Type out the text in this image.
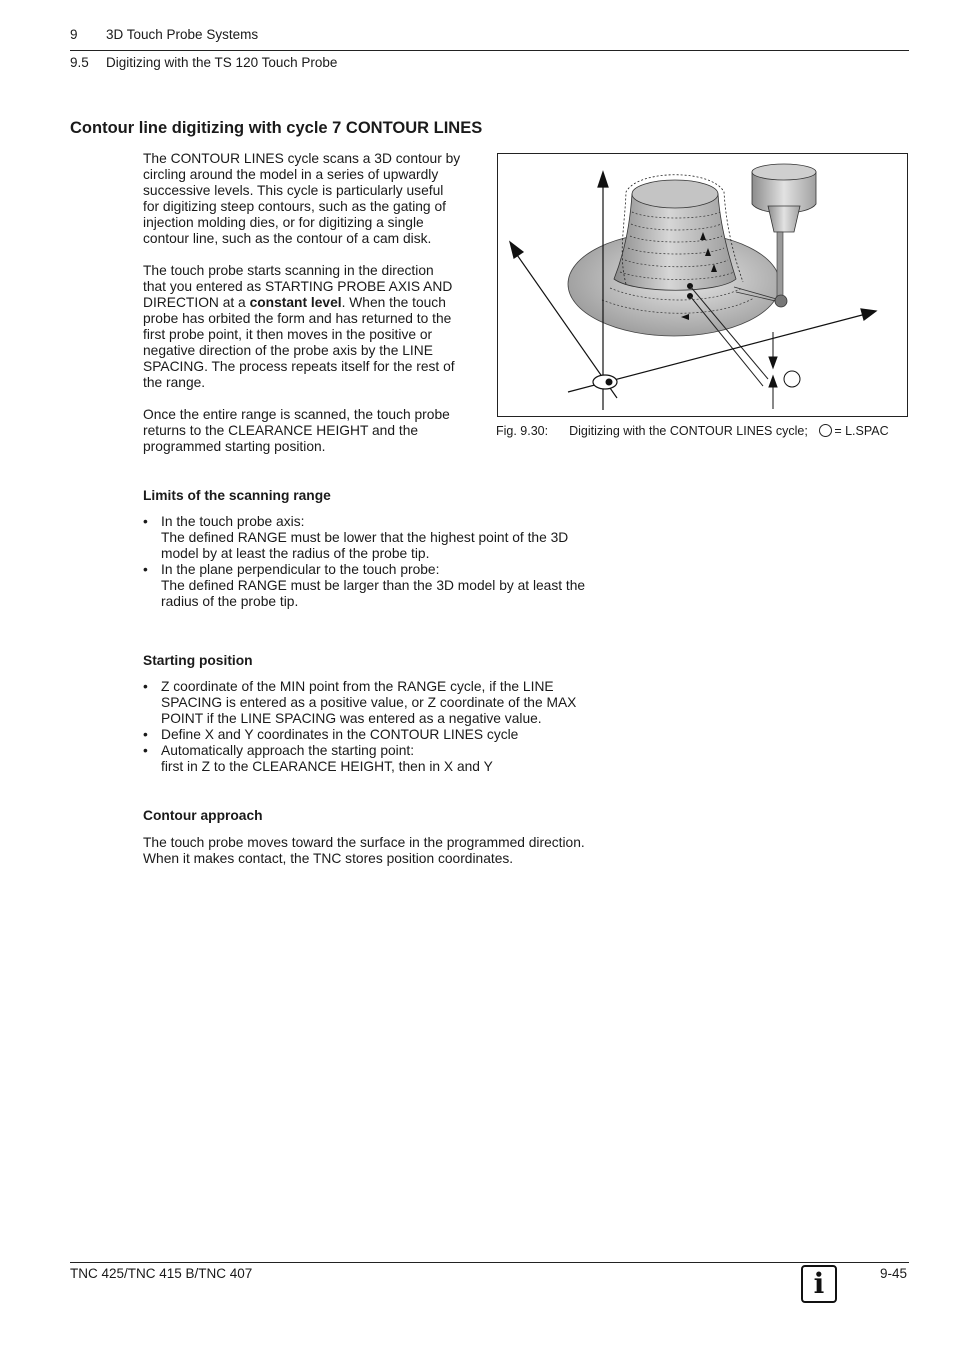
9 3D Touch Probe Systems
9.5 Digitizing with the TS 120 Touch Probe
Contour line digitizing with cycle 7 CONTOUR LINES
The CONTOUR LINES cycle scans a 3D contour by
circling around the model in a series of upwardly
successive levels. This cycle is particularly useful
for digitizing steep contours, such as the gating of
injection molding dies, or for digitizing a single
contour line, such as the contour of a cam disk.
The touch probe starts scanning in the direction
that you entered as STARTING PROBE AXIS AND
DIRECTION at a constant level. When the touch
probe has orbited the form and has returned to the
first probe point, it then moves in the positive or
negative direction of the probe axis by the LINE
SPACING. The process repeats itself for the rest of
the range.
Once the entire range is scanned, the touch probe
returns to the CLEARANCE HEIGHT and the
programmed starting position.
Fig. 9.30: Digitizing with the CONTOUR LINES cycle; = L.SPAC
Limits of the scanning range
• In the touch probe axis:
The defined RANGE must be lower that the highest point of the 3D
model by at least the radius of the probe tip.
• In the plane perpendicular to the touch probe:
The defined RANGE must be larger than the 3D model by at least the
radius of the probe tip.
Starting position
• Z coordinate of the MIN point from the RANGE cycle, if the LINE
SPACING is entered as a positive value, or Z coordinate of the MAX
POINT if the LINE SPACING was entered as a negative value.
• Define X and Y coordinates in the CONTOUR LINES cycle
• Automatically approach the starting point:
first in Z to the CLEARANCE HEIGHT, then in X and Y
Contour approach
The touch probe moves toward the surface in the programmed direction.
When it makes contact, the TNC stores position coordinates.
TNC 425/TNC 415 B/TNC 407	9-45
i
